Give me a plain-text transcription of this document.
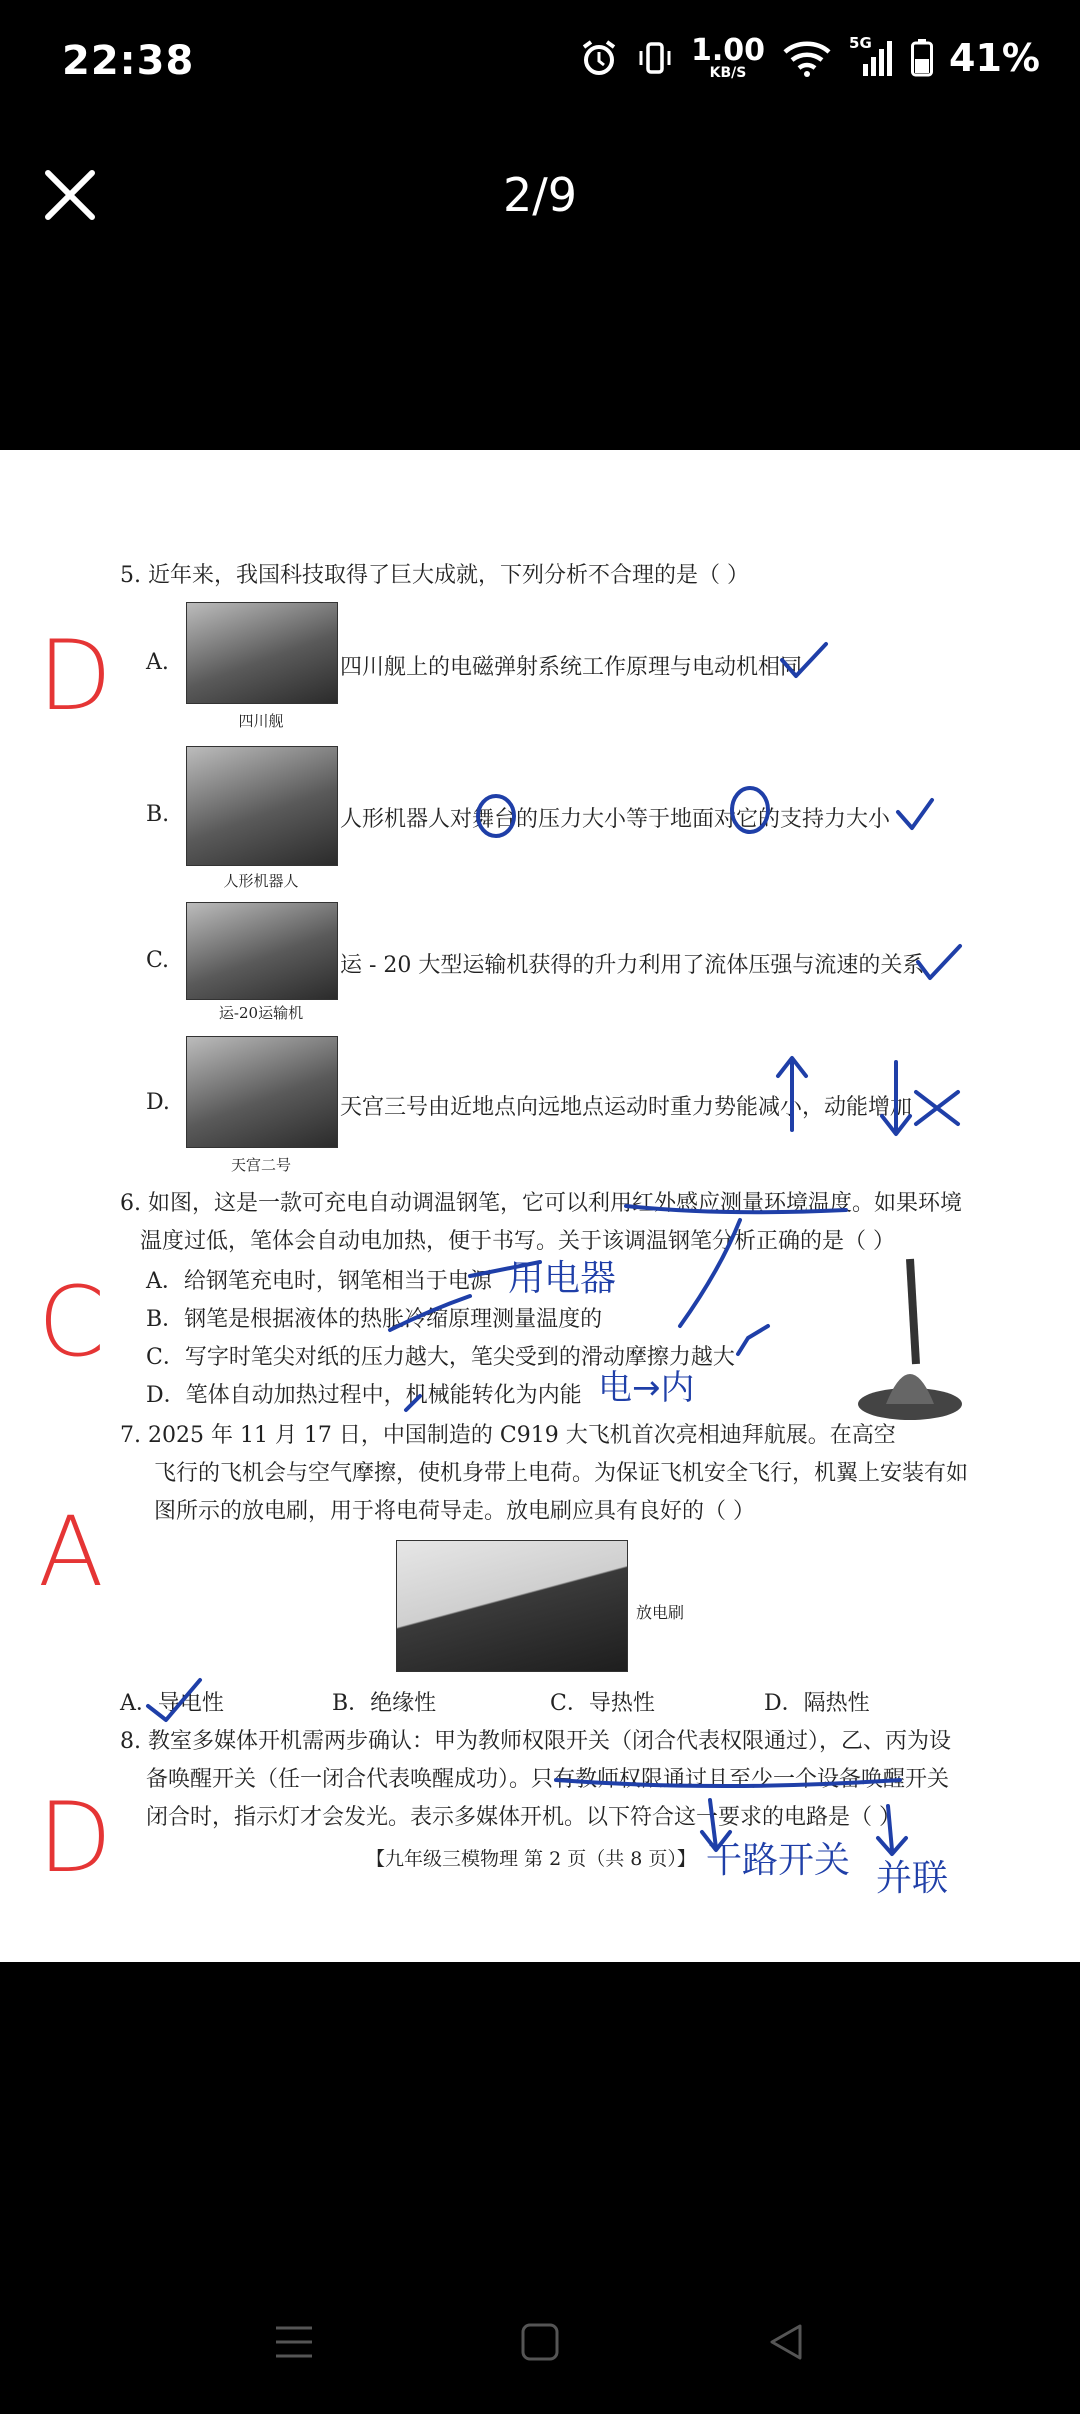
22:38	1.00
KB/S
5G 41%
2/9
5. 近年来，我国科技取得了巨大成就，下列分析不合理的是（ ）
A.
四川舰
四川舰上的电磁弹射系统工作原理与电动机相同
B.
人形机器人
人形机器人对舞台的压力大小等于地面对它的支持力大小
C.
运-20运输机
运 - 20 大型运输机获得的升力利用了流体压强与流速的关系
D.
天宫二号
天宫三号由近地点向远地点运动时重力势能减小，动能增加
6. 如图，这是一款可充电自动调温钢笔，它可以利用红外感应测量环境温度。如果环境
温度过低，笔体会自动电加热，便于书写。关于该调温钢笔分析正确的是（ ）
A．给钢笔充电时，钢笔相当于电源
B．钢笔是根据液体的热胀冷缩原理测量温度的
C．写字时笔尖对纸的压力越大，笔尖受到的滑动摩擦力越大
D．笔体自动加热过程中，机械能转化为内能
7. 2025 年 11 月 17 日，中国制造的 C919 大飞机首次亮相迪拜航展。在高空
飞行的飞机会与空气摩擦，使机身带上电荷。为保证飞机安全飞行，机翼上安装有如
图所示的放电刷，用于将电荷导走。放电刷应具有良好的（ ）
放电刷
A．导电性	B．绝缘性	C．导热性	D．隔热性
8. 教室多媒体开机需两步确认：甲为教师权限开关（闭合代表权限通过），乙、丙为设
备唤醒开关（任一闭合代表唤醒成功）。只有教师权限通过且至少一个设备唤醒开关
闭合时，指示灯才会发光。表示多媒体开机。以下符合这一要求的电路是（ ）
【九年级三模物理 第 2 页（共 8 页）】
D
C
A
D
用电器
电→内
干路开关 并联
